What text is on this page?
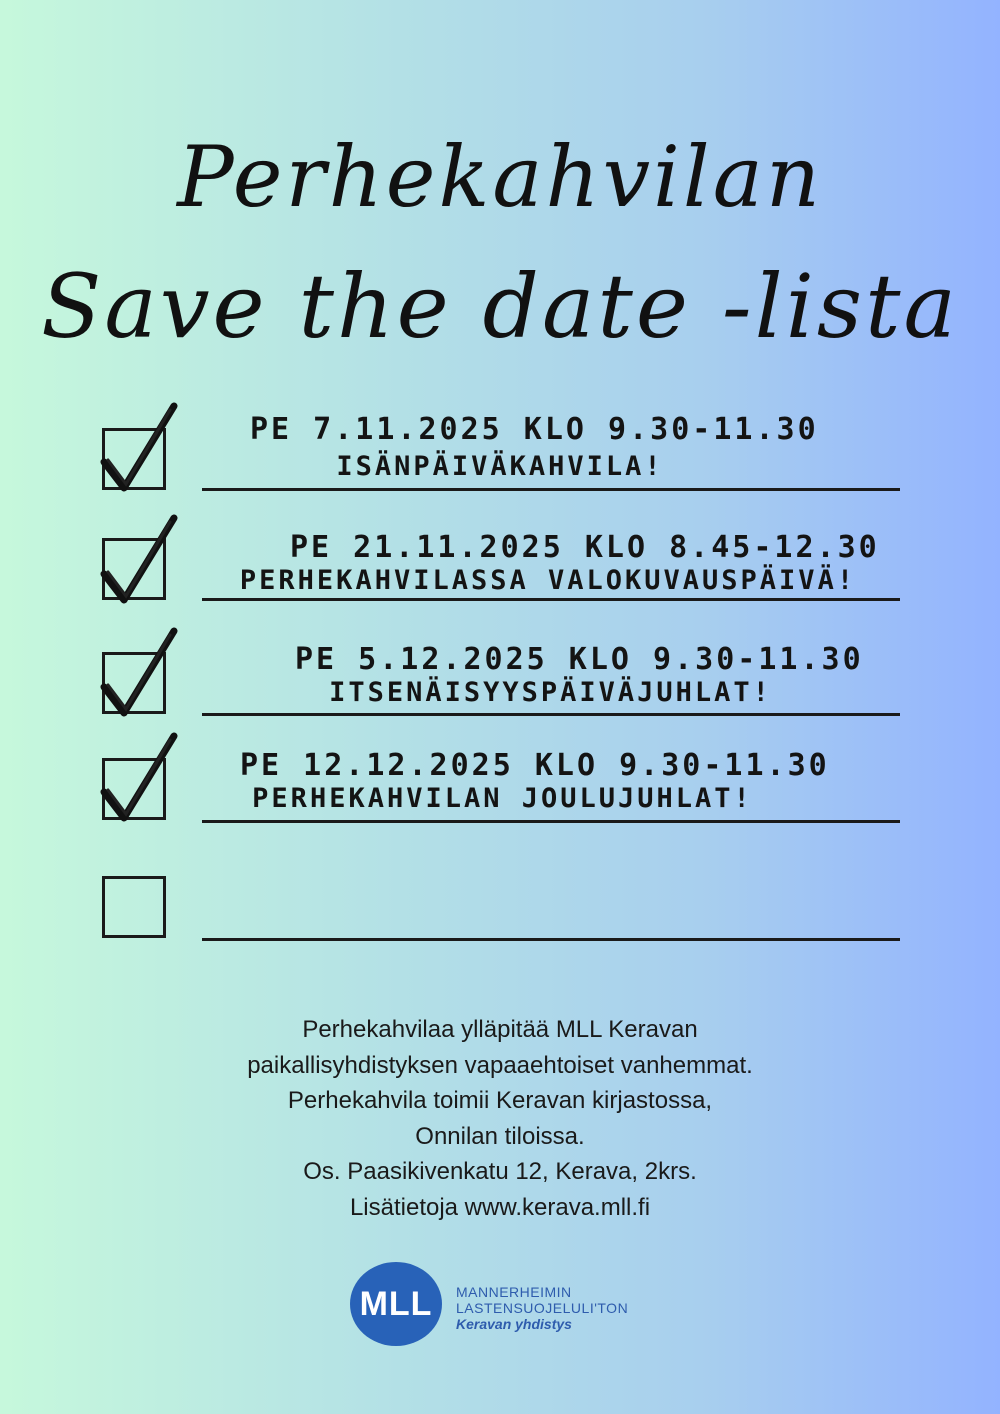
Perhekahvilan
Save the date -lista
PE 7.11.2025 KLO 9.30-11.30
ISÄNPÄIVÄKAHVILA!
PE 21.11.2025 KLO 8.45-12.30
PERHEKAHVILASSA VALOKUVAUSPÄIVÄ!
PE 5.12.2025 KLO 9.30-11.30
ITSENÄISYYSPÄIVÄJUHLAT!
PE 12.12.2025 KLO 9.30-11.30
PERHEKAHVILAN JOULUJUHLAT!
Perhekahvilaa ylläpitää MLL Keravan
paikallisyhdistyksen vapaaehtoiset vanhemmat.
Perhekahvila toimii Keravan kirjastossa,
Onnilan tiloissa.
Os. Paasikivenkatu 12, Kerava, 2krs.
Lisätietoja www.kerava.mll.fi
MLL	MANNERHEIMIN
LASTENSUOJELULI'TON
Keravan yhdistys
